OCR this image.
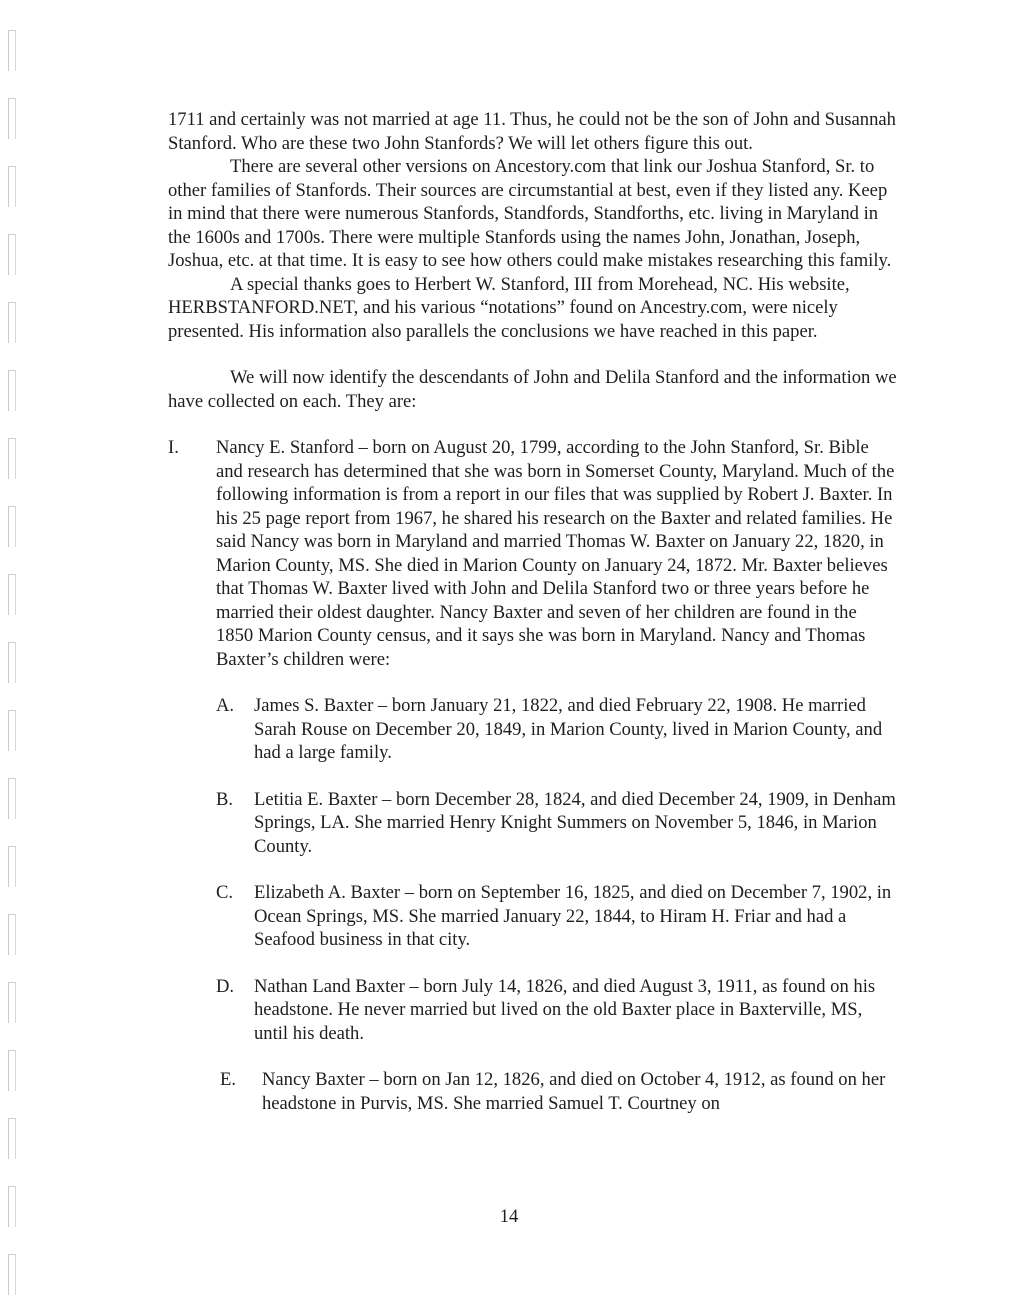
1711 and certainly was not married at age 11. Thus, he could not be the son of John and Susannah Stanford. Who are these two John Stanfords? We will let others figure this out.

There are several other versions on Ancestory.com that link our Joshua Stanford, Sr. to other families of Stanfords. Their sources are circumstantial at best, even if they listed any. Keep in mind that there were numerous Stanfords, Standfords, Standforths, etc. living in Maryland in the 1600s and 1700s. There were multiple Stanfords using the names John, Jonathan, Joseph, Joshua, etc. at that time. It is easy to see how others could make mistakes researching this family.

A special thanks goes to Herbert W. Stanford, III from Morehead, NC. His website, HERBSTANFORD.NET, and his various “notations” found on Ancestry.com, were nicely presented. His information also parallels the conclusions we have reached in this paper.

We will now identify the descendants of John and Delila Stanford and the information we have collected on each. They are:

I. Nancy E. Stanford – born on August 20, 1799, according to the John Stanford, Sr. Bible and research has determined that she was born in Somerset County, Maryland. Much of the following information is from a report in our files that was supplied by Robert J. Baxter. In his 25 page report from 1967, he shared his research on the Baxter and related families. He said Nancy was born in Maryland and married Thomas W. Baxter on January 22, 1820, in Marion County, MS. She died in Marion County on January 24, 1872. Mr. Baxter believes that Thomas W. Baxter lived with John and Delila Stanford two or three years before he married their oldest daughter. Nancy Baxter and seven of her children are found in the 1850 Marion County census, and it says she was born in Maryland. Nancy and Thomas Baxter’s children were:
A. James S. Baxter – born January 21, 1822, and died February 22, 1908. He married Sarah Rouse on December 20, 1849, in Marion County, lived in Marion County, and had a large family.
B. Letitia E. Baxter – born December 28, 1824, and died December 24, 1909, in Denham Springs, LA. She married Henry Knight Summers on November 5, 1846, in Marion County.
C. Elizabeth A. Baxter – born on September 16, 1825, and died on December 7, 1902, in Ocean Springs, MS. She married January 22, 1844, to Hiram H. Friar and had a Seafood business in that city.
D. Nathan Land Baxter – born July 14, 1826, and died August 3, 1911, as found on his headstone. He never married but lived on the old Baxter place in Baxterville, MS, until his death.
E. Nancy Baxter – born on Jan 12, 1826, and died on October 4, 1912, as found on her headstone in Purvis, MS. She married Samuel T. Courtney on
14
